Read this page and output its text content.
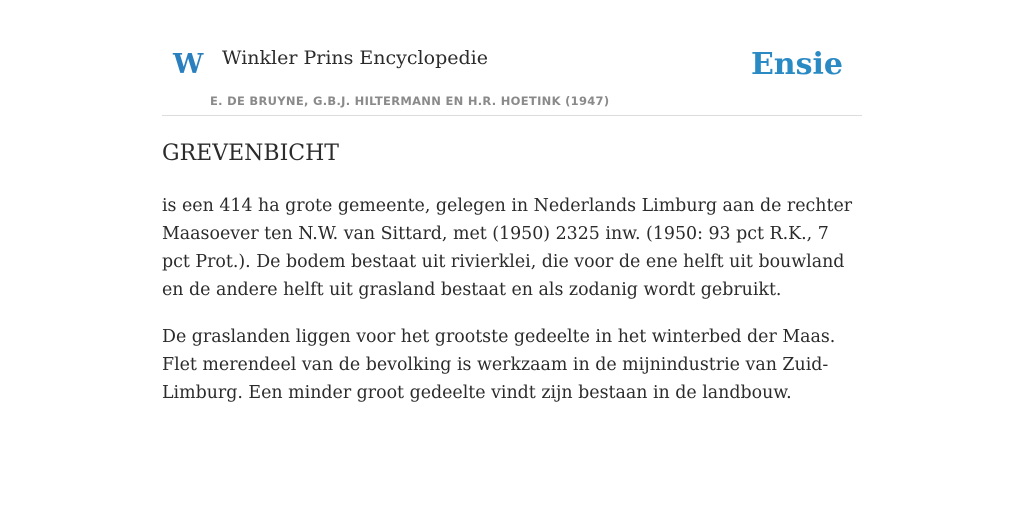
W Winkler Prins Encyclopedie
E. DE BRUYNE, G.B.J. HILTERMANN EN H.R. HOETINK (1947)
Ensie
GREVENBICHT

is een 414 ha grote gemeente, gelegen in Nederlands Limburg aan de rechter Maasoever ten N.W. van Sittard, met (1950) 2325 inw. (1950: 93 pct R.K., 7 pct Prot.). De bodem bestaat uit rivierklei, die voor de ene helft uit bouwland en de andere helft uit grasland bestaat en als zodanig wordt gebruikt.

De graslanden liggen voor het grootste gedeelte in het winterbed der Maas. Flet merendeel van de bevolking is werkzaam in de mijnindustrie van Zuid-Limburg. Een minder groot gedeelte vindt zijn bestaan in de landbouw.
